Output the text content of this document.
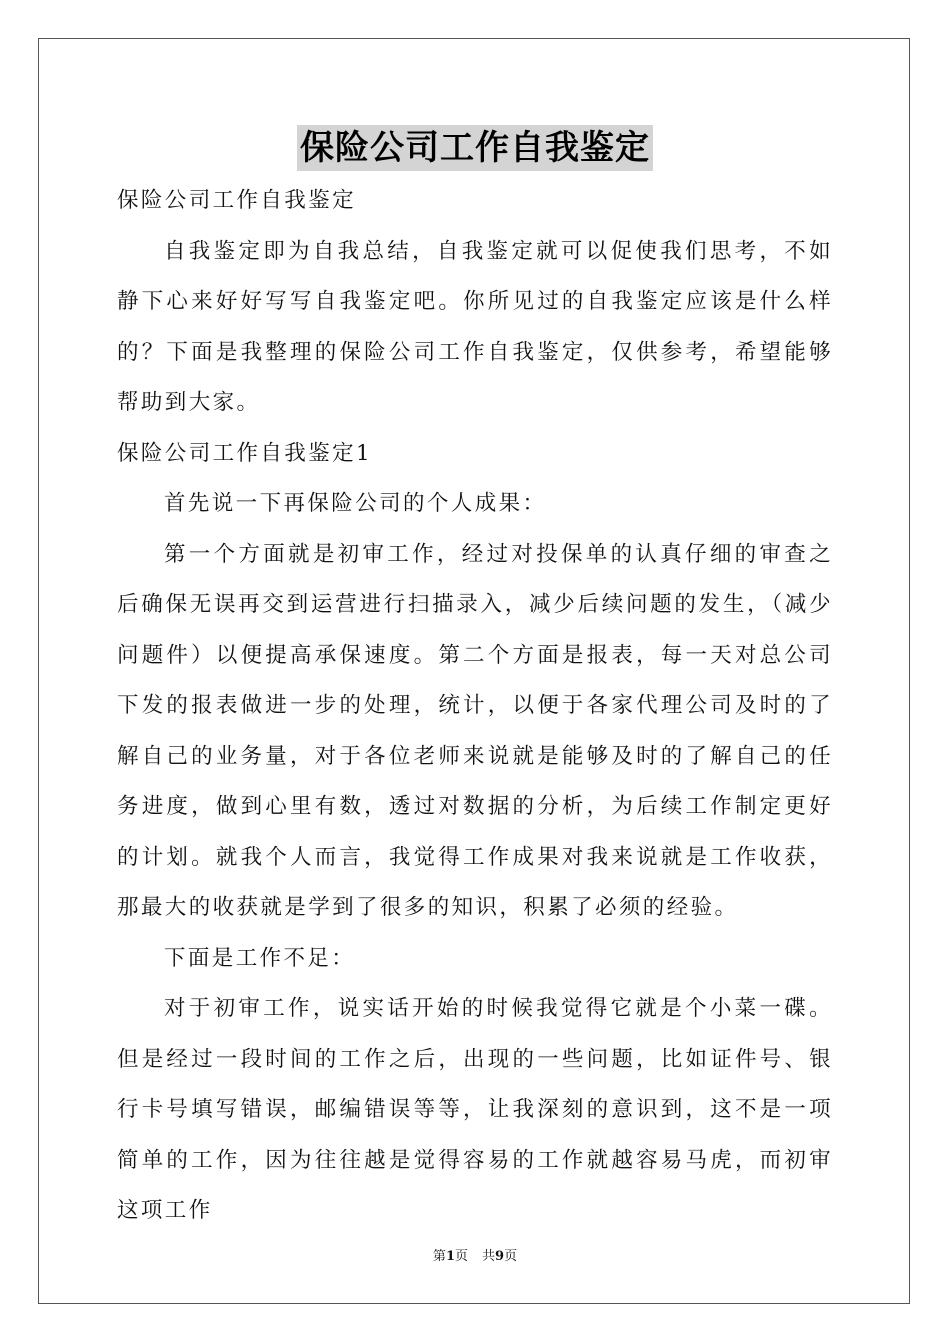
保险公司工作自我鉴定

保险公司工作自我鉴定

自我鉴定即为自我总结，自我鉴定就可以促使我们思考，不如静下心来好好写写自我鉴定吧。你所见过的自我鉴定应该是什么样的？下面是我整理的保险公司工作自我鉴定，仅供参考，希望能够帮助到大家。

保险公司工作自我鉴定1

首先说一下再保险公司的个人成果：

第一个方面就是初审工作，经过对投保单的认真仔细的审查之后确保无误再交到运营进行扫描录入，减少后续问题的发生，（减少问题件）以便提高承保速度。第二个方面是报表，每一天对总公司下发的报表做进一步的处理，统计，以便于各家代理公司及时的了解自己的业务量，对于各位老师来说就是能够及时的了解自己的任务进度，做到心里有数，透过对数据的分析，为后续工作制定更好的计划。就我个人而言，我觉得工作成果对我来说就是工作收获，那最大的收获就是学到了很多的知识，积累了必须的经验。

下面是工作不足：

对于初审工作，说实话开始的时候我觉得它就是个小菜一碟。但是经过一段时间的工作之后，出现的一些问题，比如证件号、银行卡号填写错误，邮编错误等等，让我深刻的意识到，这不是一项简单的工作，因为往往越是觉得容易的工作就越容易马虎，而初审这项工作

第1页 共9页
